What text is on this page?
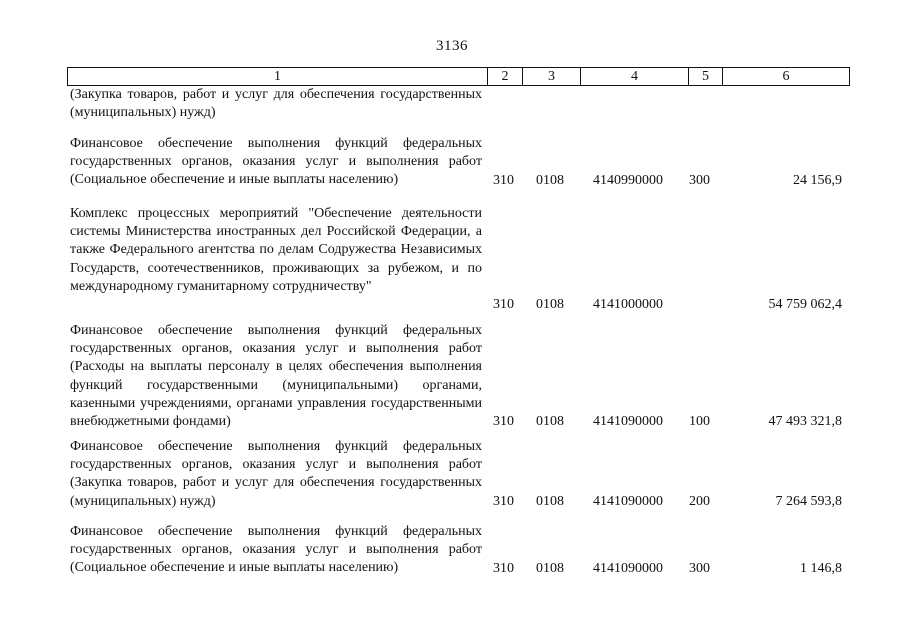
3136
1	2	3	4	5	6

(Закупка товаров, работ и услуг для обеспечения государственных (муниципальных) нужд)

Финансовое обеспечение выполнения функций федеральных государственных органов, оказания услуг и выполнения работ (Социальное обеспечение и иные выплаты населению)	310 0108 4140990000 300	24 156,9

Комплекс процессных мероприятий "Обеспечение деятельности системы Министерства иностранных дел Российской Федерации, а также Федерального агентства по делам Содружества Независимых Государств, соотечественников, проживающих за рубежом, и по международному гуманитарному сотрудничеству"

310 0108 4141000000	54 759 062,4

Финансовое обеспечение выполнения функций федеральных государственных органов, оказания услуг и выполнения работ (Расходы на выплаты персоналу в целях обеспечения выполнения функций государственными (муниципальными) органами, казенными учреждениями, органами управления государственными внебюджетными фондами)	310 0108 4141090000 100	47 493 321,8

Финансовое обеспечение выполнения функций федеральных государственных органов, оказания услуг и выполнения работ (Закупка товаров, работ и услуг для обеспечения государственных (муниципальных) нужд)	310 0108 4141090000 200	7 264 593,8

Финансовое обеспечение выполнения функций федеральных государственных органов, оказания услуг и выполнения работ (Социальное обеспечение и иные выплаты населению)	310 0108 4141090000 300	1 146,8
